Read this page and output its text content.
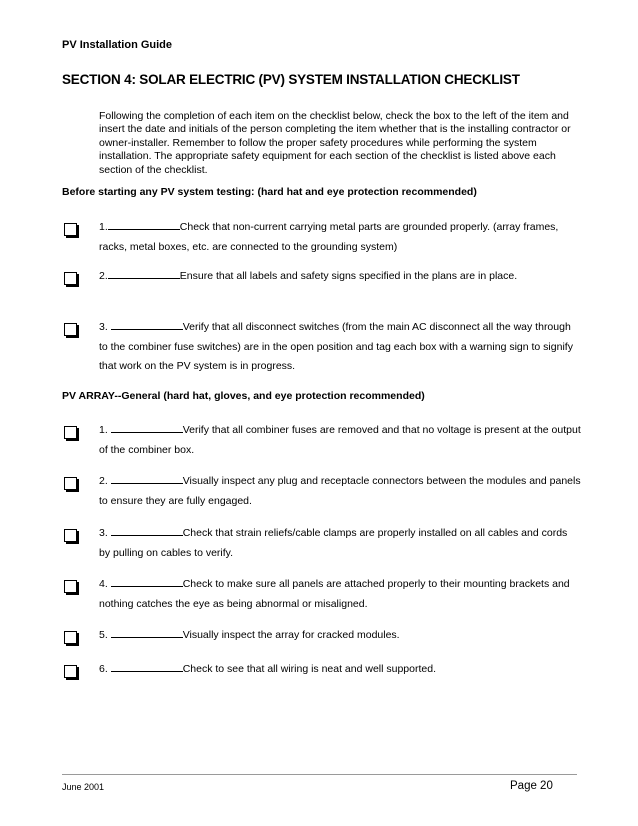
PV Installation Guide
SECTION 4: SOLAR ELECTRIC (PV) SYSTEM INSTALLATION CHECKLIST
Following the completion of each item on the checklist below, check the box to the left of the item and insert the date and initials of the person completing the item whether that is the installing contractor or owner-installer. Remember to follow the proper safety procedures while performing the system installation. The appropriate safety equipment for each section of the checklist is listed above each section of the checklist.
Before starting any PV system testing: (hard hat and eye protection recommended)
1.	Check that non-current carrying metal parts are grounded properly. (array frames, racks, metal boxes, etc. are connected to the grounding system)
2.	Ensure that all labels and safety signs specified in the plans are in place.
3.	Verify that all disconnect switches (from the main AC disconnect all the way through to the combiner fuse switches) are in the open position and tag each box with a warning sign to signify that work on the PV system is in progress.
PV ARRAY--General (hard hat, gloves, and eye protection recommended)
1.	Verify that all combiner fuses are removed and that no voltage is present at the output of the combiner box.
2.	Visually inspect any plug and receptacle connectors between the modules and panels to ensure they are fully engaged.
3.	Check that strain reliefs/cable clamps are properly installed on all cables and cords by pulling on cables to verify.
4.	Check to make sure all panels are attached properly to their mounting brackets and nothing catches the eye as being abnormal or misaligned.
5.	Visually inspect the array for cracked modules.
6.	Check to see that all wiring is neat and well supported.
June 2001	Page 20
